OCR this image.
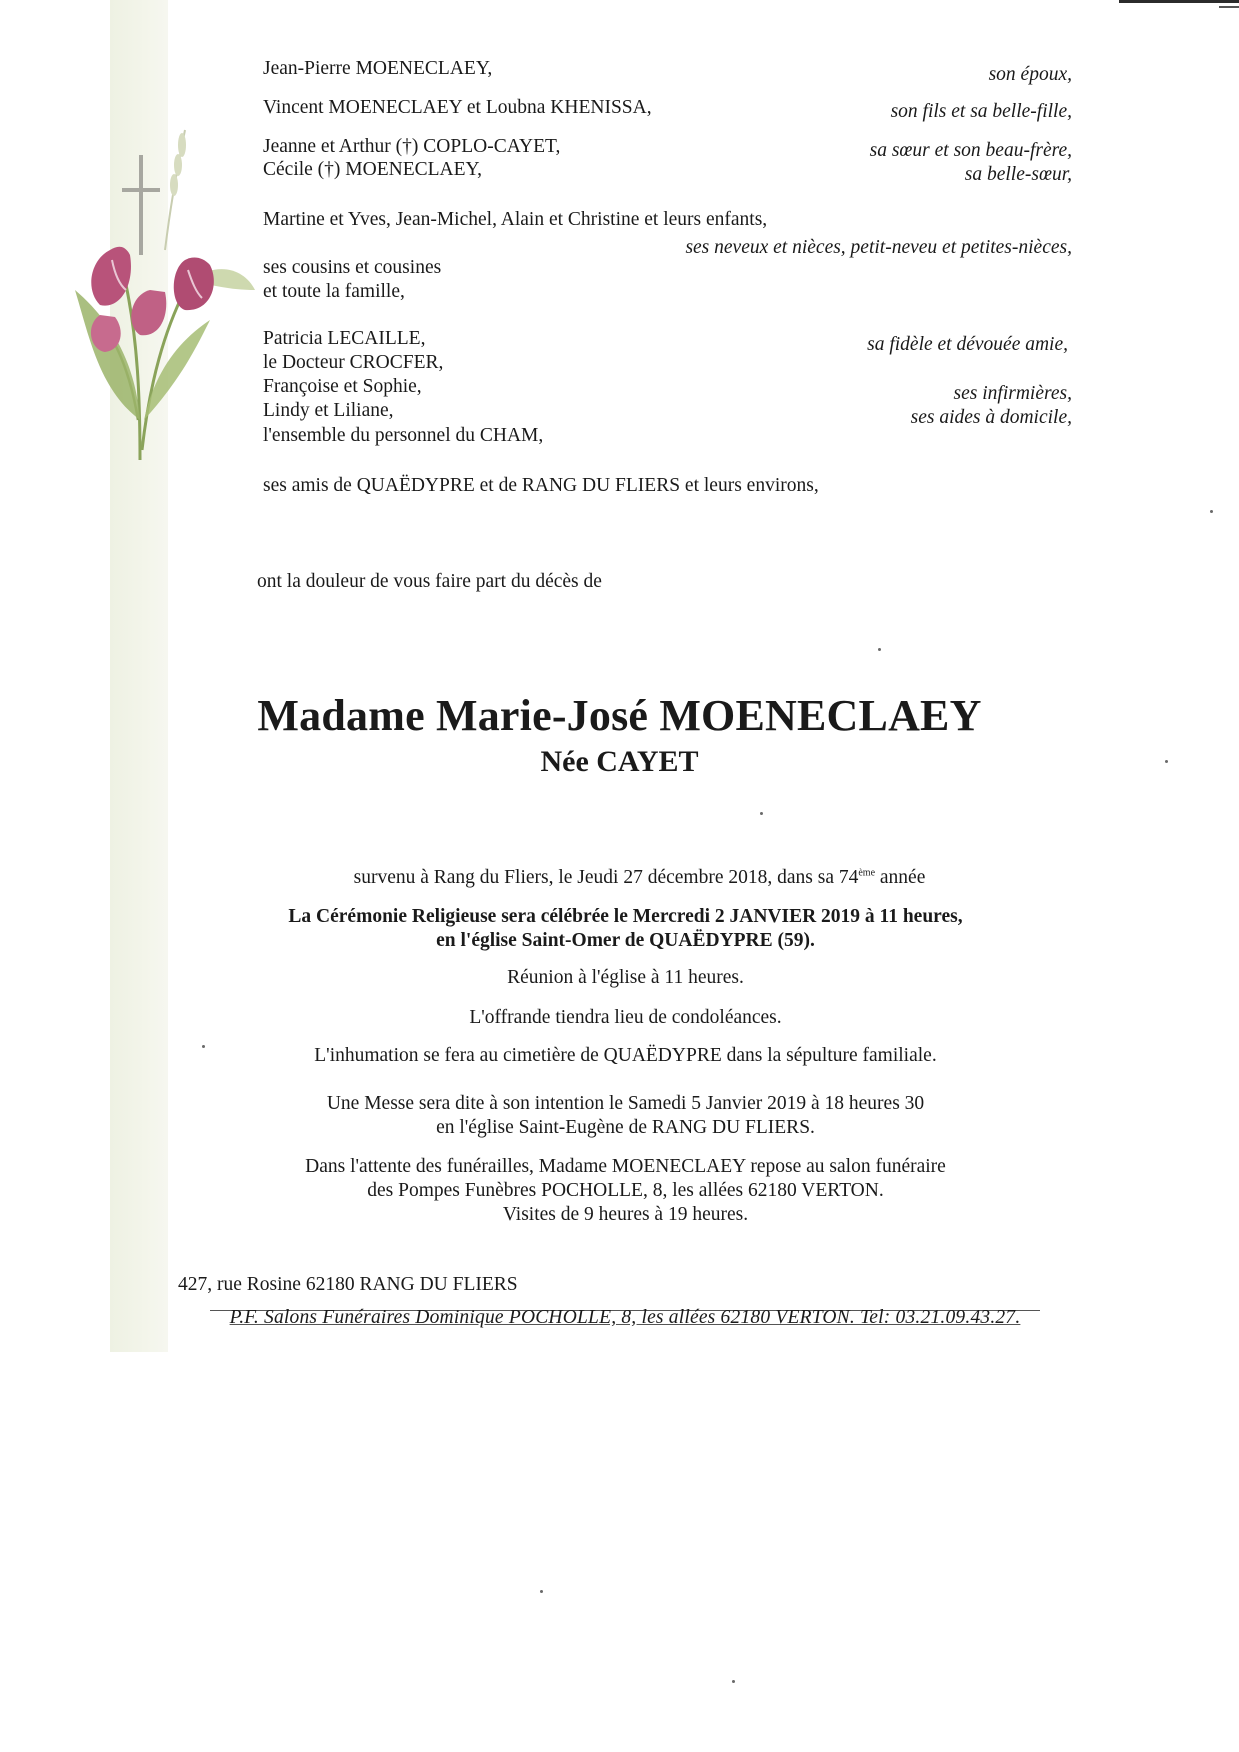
Jean-Pierre MOENECLAEY,	son époux,
Vincent MOENECLAEY et Loubna KHENISSA,	son fils et sa belle-fille,
Jeanne et Arthur (†) COPLO-CAYET,	sa sœur et son beau-frère,
Cécile (†) MOENECLAEY,	sa belle-sœur,
Martine et Yves, Jean-Michel, Alain et Christine et leurs enfants,
ses neveux et nièces, petit-neveu et petites-nièces,
ses cousins et cousines
et toute la famille,
Patricia LECAILLE,	sa fidèle et dévouée amie,
le Docteur CROCFER,
Françoise et Sophie,	ses infirmières,
Lindy et Liliane,	ses aides à domicile,
l'ensemble du personnel du CHAM,
ses amis de QUAËDYPRE et de RANG DU FLIERS et leurs environs,
ont la douleur de vous faire part du décès de
Madame Marie-José MOENECLAEY
Née CAYET
survenu à Rang du Fliers, le Jeudi 27 décembre 2018, dans sa 74ème année
La Cérémonie Religieuse sera célébrée le Mercredi 2 JANVIER 2019 à 11 heures,
en l'église Saint-Omer de QUAËDYPRE (59).
Réunion à l'église à 11 heures.
L'offrande tiendra lieu de condoléances.
L'inhumation se fera au cimetière de QUAËDYPRE dans la sépulture familiale.
Une Messe sera dite à son intention le Samedi 5 Janvier 2019 à 18 heures 30
en l'église Saint-Eugène de RANG DU FLIERS.
Dans l'attente des funérailles, Madame MOENECLAEY repose au salon funéraire
des Pompes Funèbres POCHOLLE, 8, les allées 62180 VERTON.
Visites de 9 heures à 19 heures.
427, rue Rosine 62180 RANG DU FLIERS
P.F. Salons Funéraires Dominique POCHOLLE, 8, les allées 62180 VERTON. Tel: 03.21.09.43.27.
